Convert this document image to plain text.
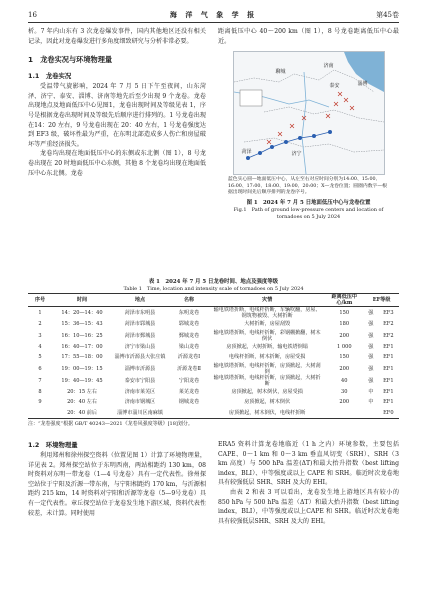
16	海 洋 气 象 学 报	第45卷

析。7 年内山东有 3 次龙卷爆发事件，国内其他地区还没有相关记录，因此对龙卷爆发进行多角度细致研究与分析非常必要。

1　龙卷实况与环境物理量
1.1　龙卷实况

受温带气旋影响，2024 年 7 月 5 日下午至夜间，山东菏泽、济宁、泰安、淄博、济南等地先后至少出现 9 个龙卷。龙卷出现地点及地面低压中心见图1，龙卷出现时间及等级见表 1，序号是根据龙卷出现时间及等级先后顺序进行排列的。1 号龙卷出现在14：20 左右，9 号龙卷出现在 20：40 左右，1 号龙卷强度达到 EF3 级，破坏性最为严重，在东明北部造成多人伤亡和房屋破坏等严重经济损失。

龙卷均出现在地面低压中心的东侧或东北侧（图 1），8 号龙卷出现在 20 时地面低压中心东侧，其他 8 个龙卷均出现在地面低压中心东北侧。龙卷

距离低压中心 40～200 km（图 1），8 号龙卷距离低压中心最近。

泰安
济南
淄博
菏泽	济宁
聊城
蓝色实心圆—地面低压中心，从左至右对应时间分别为14:00、15:00、16:00、17:00、18:00、19:00、20:00；X—龙卷位置；圆圈内数字—根据出现时间先后顺序排列的龙卷序号。
图 1　2024 年 7 月 5 日地面低压中心与龙卷位置
Fig.1　Path of ground low-pressure centers and location of tornadoes on 5 July 2024
表 1　2024 年 7 月 5 日龙卷时间、地点及强度等级
Table 1　Time, location and intensity scale of tornadoes on 5 July 2024
序号	时间	地点	名称	灾情	距离低压中心/km	EF等级	
1	14：20—14：40	菏泽市东明县	东明龙卷	输电铁塔折断，电线杆折断，车辆吹翻，房屋、钢筑物被毁、大树折断	150	强	EF3
2	15：36—15：43	菏泽市郓城县	郓城龙卷	大树折断，房屋刮毁	180	强	EF2
3	16：10—16：25	菏泽市鄄城县	鄄城龙卷	输电铁塔折断，电线杆折断，彩钢棚掀翻，树木倒伏	200	强	EF2
4	16：40—17：00	济宁市梁山县	梁山龙卷	房顶掀起，大树折断，输电铁塔倒塌	1 000	强	EF1
5	17：55—18：00	淄博市沂源县大张庄镇	沂源龙卷Ⅰ	电线杆折断，树木折断，房屋受损	150	强	EF1
6	19：00—19：15	淄博市沂源县	沂源龙卷Ⅱ	输电铁塔折断，电线杆折断，房顶掀起，大树刮倒	200	强	EF1
7	19：40—19：45	泰安市宁阳县	宁阳龙卷	输电铁塔折断，电线杆折断，房顶掀起，大树折断	40	强	EF1
8	20：15 左右	济南市莱芜区	莱芜龙卷	房顶掀起，树木倒伏，房屋受损	30	中	EF1
9	20：40 左右	济南市钢城区	钢城龙卷	房顶掀起，树木倒伏	200	中	EF1
	20：40 前后	淄博市淄川区南麻镇		房顶掀起，树木倒伏，电线杆折断			EF0
注：“龙卷强度”根据 GB/T 40243—2021《龙卷风强度等级》[18]划分。
1.2　环境物理量

利用郑州和徐州探空资料（位置见图 1）计算了环境物理量，详见表 2。郑州探空站位于东明西南，两站相距约 130 km，08 时资料对东明一带龙卷（1—4 号龙卷）具有一定代表性。徐州探空站位于宁阳及沂源一带东南，与宁阳相距约 170 km，与沂源相距约 215 km，14 时资料对宁阳和沂源等龙卷（5—9号龙卷）具有一定代表性。章丘探空站位于龙卷发生地下游区域，资料代表性较差，未计算。同时使用

ERA5 资料计算龙卷地临近（1 h 之内）环境参数，主要包括 CAPE、0～1 km 和 0～3 km 垂直风切变（SRH）、SRH（3 km 高度）与 500 hPa 温差(ΔT)和最大抬升指数（best lifting index，BLI）、中等强度或以上 CAPE 和 SRH。临近时次龙卷地具有较强低层 SHR、SRH 及大的 EHI。

由表 2 和表 3 可以看出，龙卷发生地上游地区具有较小的 850 hPa 与 500 hPa 温差（ΔT）和最大抬升指数（best lifting index，BLI），中等强度或以上CAPE 和 SHR。临近时次龙卷地具有较强低层SHR、SRH 及大的 EHI。
